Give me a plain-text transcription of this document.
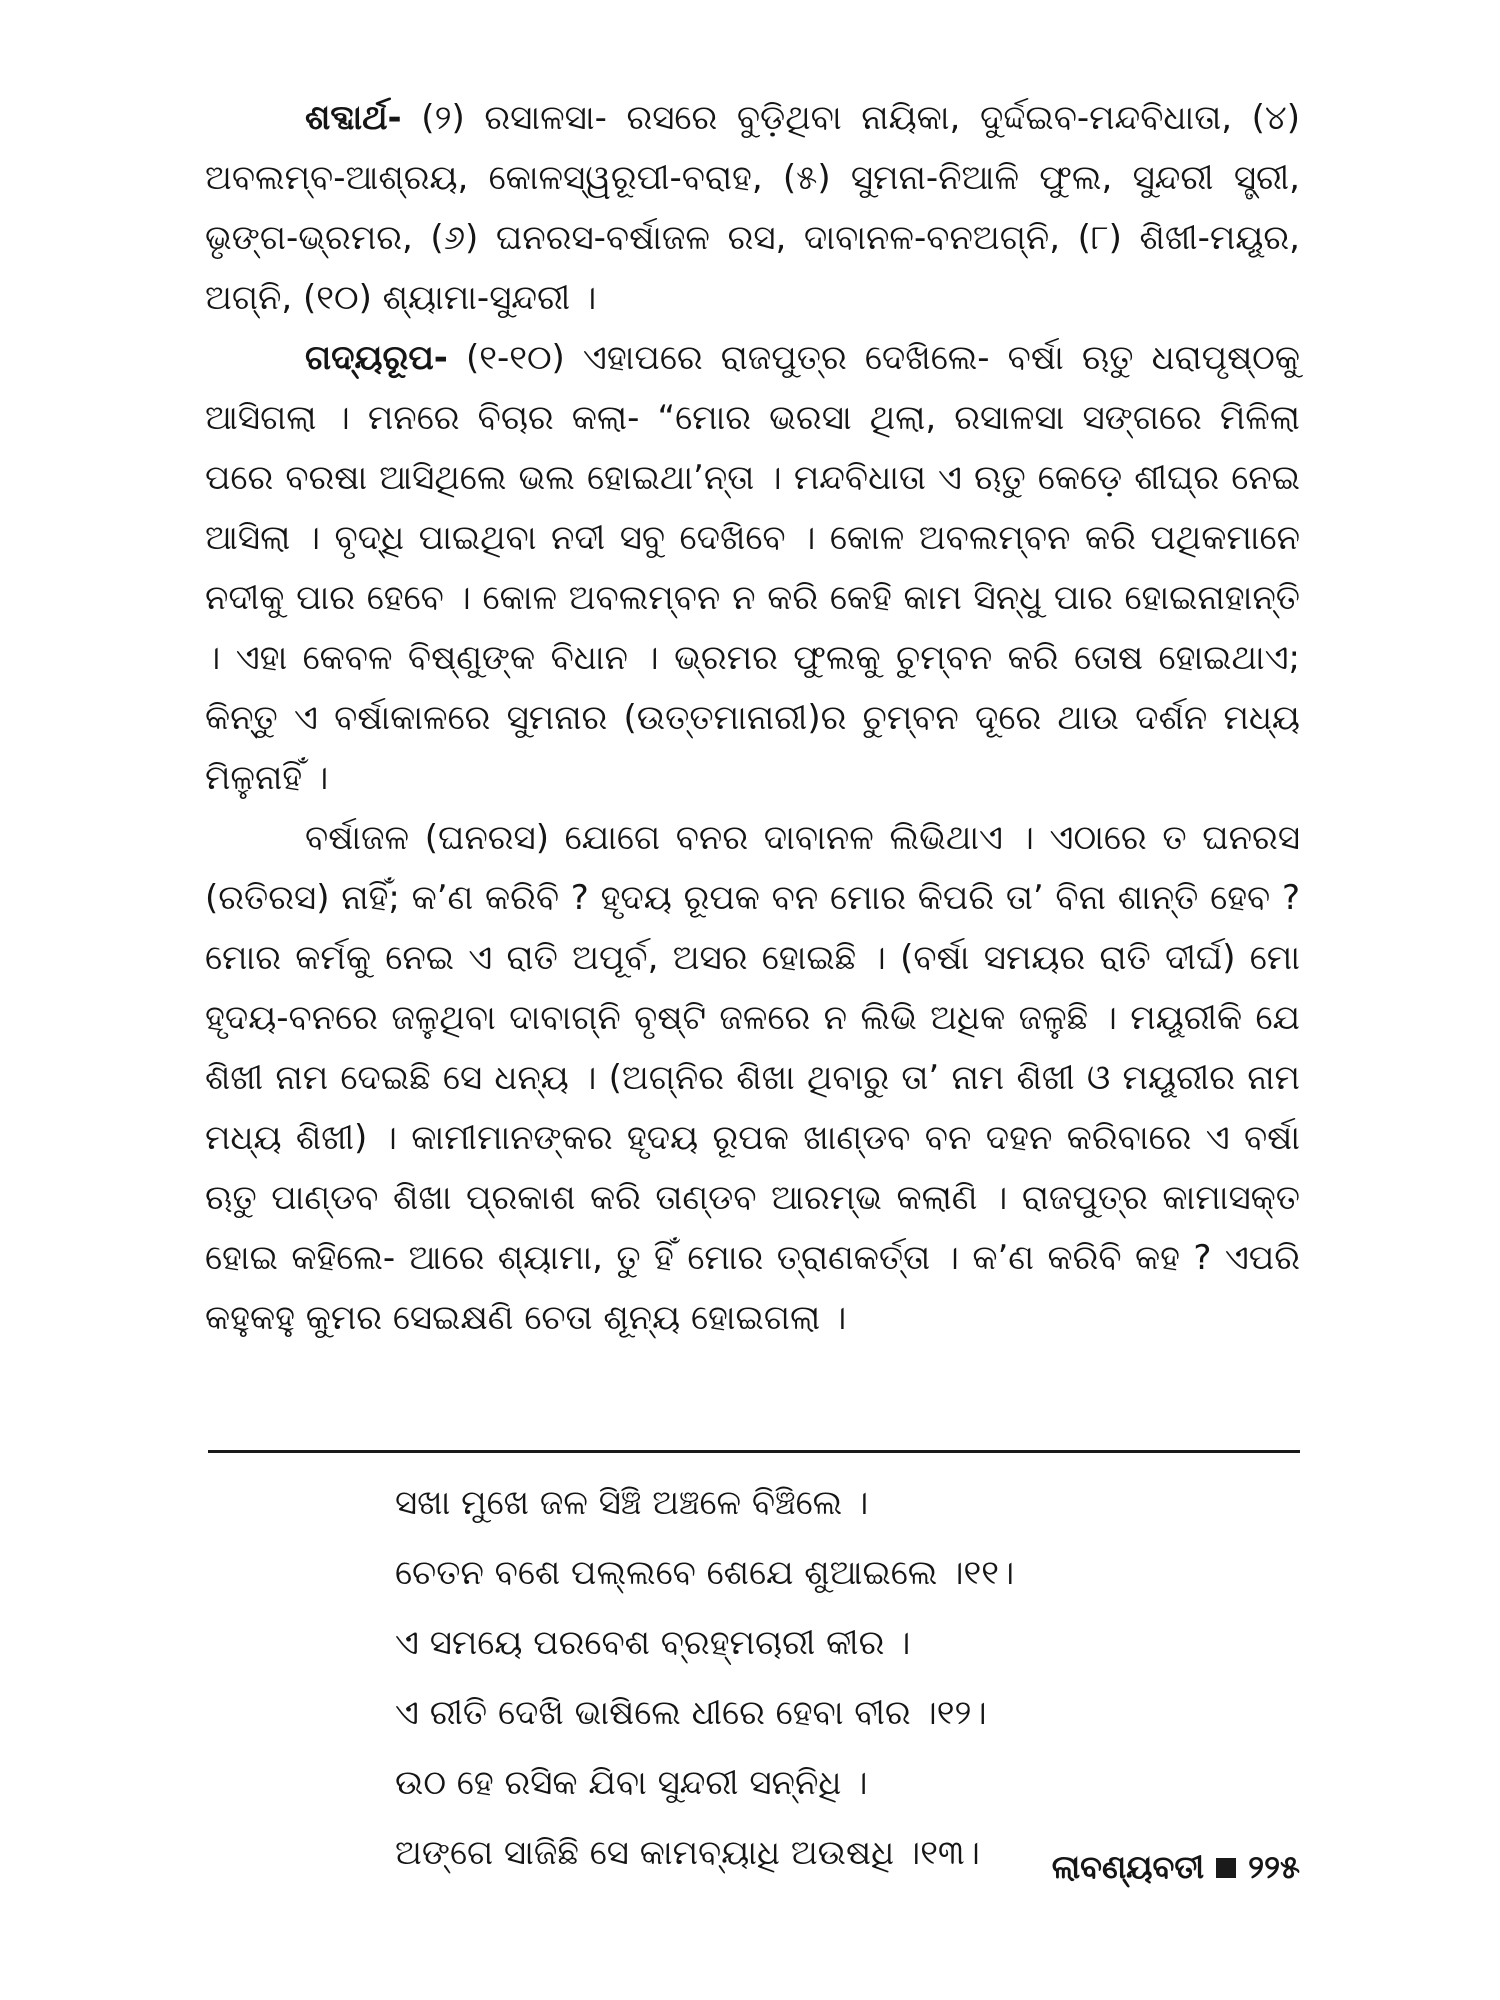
ଶବ୍ଦାର୍ଥ- (୨) ରସାଳସା- ରସରେ ବୁଡ଼ିଥିବା ନାୟିକା, ଦୁର୍ଦ୍ଦଇବ-ମନ୍ଦବିଧାତା, (୪) ଅବଲମ୍ବ-ଆଶ୍ରୟ, କୋଳସ୍ୱରୂପୀ-ବରାହ, (୫) ସୁମନା-ନିଆଳି ଫୁଲ, ସୁନ୍ଦରୀ ସ୍ତ୍ରୀ, ଭୃଙ୍ଗ-ଭ୍ରମର, (୬) ଘନରସ-ବର୍ଷାଜଳ ରସ, ଦାବାନଳ-ବନଅଗ୍ନି, (୮) ଶିଖୀ-ମୟୂର, ଅଗ୍ନି, (୧୦) ଶ୍ୟାମା-ସୁନ୍ଦରୀ ।

ଗଦ୍ୟରୂପ- (୧-୧୦) ଏହାପରେ ରାଜପୁତ୍ର ଦେଖିଲେ- ବର୍ଷା ଋତୁ ଧରାପୃଷ୍ଠକୁ ଆସିଗଲା । ମନରେ ବିଚାର କଲା- “ମୋର ଭରସା ଥିଲା, ରସାଳସା ସଙ୍ଗରେ ମିଳିଲା ପରେ ବରଷା ଆସିଥିଲେ ଭଲ ହୋଇଥା’ନ୍ତା । ମନ୍ଦବିଧାତା ଏ ଋତୁ କେଡ଼େ ଶୀଘ୍ର ନେଇ ଆସିଲା । ବୃଦ୍ଧି ପାଇଥିବା ନଦୀ ସବୁ ଦେଖିବେ । କୋଳ ଅବଲମ୍ବନ କରି ପଥିକମାନେ ନଦୀକୁ ପାର ହେବେ । କୋଳ ଅବଲମ୍ବନ ନ କରି କେହି କାମ ସିନ୍ଧୁ ପାର ହୋଇନାହାନ୍ତି । ଏହା କେବଳ ବିଷ୍ଣୁଙ୍କ ବିଧାନ । ଭ୍ରମର ଫୁଲକୁ ଚୁମ୍ବନ କରି ତୋଷ ହୋଇଥାଏ; କିନ୍ତୁ ଏ ବର୍ଷାକାଳରେ ସୁମନାର (ଉତ୍ତମାନାରୀ)ର ଚୁମ୍ବନ ଦୂରେ ଥାଉ ଦର୍ଶନ ମଧ୍ୟ ମିଳୁନାହିଁ ।

ବର୍ଷାଜଳ (ଘନରସ) ଯୋଗେ ବନର ଦାବାନଳ ଲିଭିଥାଏ । ଏଠାରେ ତ ଘନରସ (ରତିରସ) ନାହିଁ; କ’ଣ କରିବି ? ହୃଦୟ ରୂପକ ବନ ମୋର କିପରି ତା’ ବିନା ଶାନ୍ତି ହେବ ? ମୋର କର୍ମକୁ ନେଇ ଏ ରାତି ଅପୂର୍ବ, ଅସର ହୋଇଛି । (ବର୍ଷା ସମୟର ରାତି ଦୀର୍ଘ) ମୋ ହୃଦୟ-ବନରେ ଜଳୁଥିବା ଦାବାଗ୍ନି ବୃଷ୍ଟି ଜଳରେ ନ ଲିଭି ଅଧିକ ଜଳୁଛି । ମୟୂରୀକି ଯେ ଶିଖୀ ନାମ ଦେଇଛି ସେ ଧନ୍ୟ । (ଅଗ୍ନିର ଶିଖା ଥିବାରୁ ତା’ ନାମ ଶିଖୀ ଓ ମୟୂରୀର ନାମ ମଧ୍ୟ ଶିଖୀ) । କାମୀମାନଙ୍କର ହୃଦୟ ରୂପକ ଖାଣ୍ଡବ ବନ ଦହନ କରିବାରେ ଏ ବର୍ଷା ଋତୁ ପାଣ୍ଡବ ଶିଖା ପ୍ରକାଶ କରି ତାଣ୍ଡବ ଆରମ୍ଭ କଲାଣି । ରାଜପୁତ୍ର କାମାସକ୍ତ ହୋଇ କହିଲେ- ଆରେ ଶ୍ୟାମା, ତୁ ହିଁ ମୋର ତ୍ରାଣକର୍ତ୍ତା । କ’ଣ କରିବି କହ ? ଏପରି କହୁକହୁ କୁମର ସେଇକ୍ଷଣି ଚେତା ଶୂନ୍ୟ ହୋଇଗଲା ।

ସଖା ମୁଖେ ଜଳ ସିଞ୍ଚି ଅଞ୍ଚଳେ ବିଞ୍ଚିଲେ ।
ଚେତନ ବଶେ ପଲ୍ଲବେ ଶେଯେ ଶୁଆଇଲେ ।୧୧।
ଏ ସମୟେ ପରବେଶ ବ୍ରହ୍ମଚାରୀ କୀର ।
ଏ ରୀତି ଦେଖି ଭାଷିଲେ ଧୀରେ ହେବା ବୀର ।୧୨।
ଉଠ ହେ ରସିକ ଯିବା ସୁନ୍ଦରୀ ସନ୍ନିଧି ।
ଅଙ୍ଗେ ସାଜିଛି ସେ କାମବ୍ୟାଧି ଅଉଷଧି ।୧୩।	ଲାବଣ୍ୟବତୀ ୨୨୫
